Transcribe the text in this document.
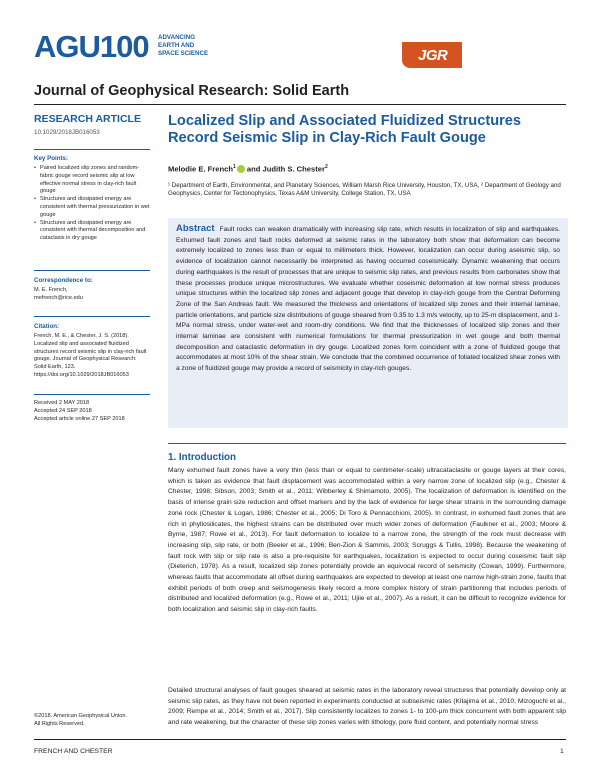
AGU100 ADVANCING
EARTH AND
SPACE SCIENCE	JGR
Journal of Geophysical Research: Solid Earth
RESEARCH ARTICLE
10.1029/2018JB016053
Key Points:
• Paired localized slip zones and random-fabric gouge record seismic slip at low effective normal stress in clay-rich fault gouge
• Structures and dissipated energy are consistent with thermal pressurization in wet gouge
• Structures and dissipated energy are consistent with thermal decomposition and cataclasis in dry gouge
Correspondence to:
M. E. French,
mefrench@rice.edu
Citation:
French, M. E., & Chester, J. S. (2018). Localized slip and associated fluidized structures record seismic slip in clay-rich fault gouge. Journal of Geophysical Research: Solid Earth, 123. https://doi.org/10.1029/2018JB016053
Received 2 MAY 2018
Accepted 24 SEP 2018
Accepted article online 27 SEP 2018
Localized Slip and Associated Fluidized Structures Record Seismic Slip in Clay-Rich Fault Gouge
Melodie E. French$^1$ and Judith S. Chester$^2$
¹ Department of Earth, Environmental, and Planetary Sciences, William Marsh Rice University, Houston, TX, USA, ² Department of Geology and Geophysics, Center for Tectonophysics, Texas A&M University, College Station, TX, USA

Abstract Fault rocks can weaken dramatically with increasing slip rate, which results in localization of slip and earthquakes. Exhumed fault zones and fault rocks deformed at seismic rates in the laboratory both show that deformation can become extremely localized to zones less than or equal to millimeters thick. However, localization can occur during aseismic slip, so evidence of localization cannot necessarily be interpreted as having occurred coseismically. Dynamic weakening that occurs during earthquakes is the result of processes that are unique to seismic slip rates, and previous results from carbonates show that these processes produce unique microstructures. We evaluate whether coseismic deformation at low normal stress produces unique structures within the localized slip zones and adjacent gouge that develop in clay-rich gouge from the Central Deforming Zone of the San Andreas fault. We measured the thickness and orientations of localized slip zones and their internal laminae, particle orientations, and particle size distributions of gouge sheared from 0.35 to 1.3 m/s velocity, up to 25-m displacement, and 1-MPa normal stress, under water-wet and room-dry conditions. We find that the thicknesses of localized slip zones and their internal laminae are consistent with numerical formulations for thermal pressurization in wet gouge and both thermal decomposition and cataclastic deformation in dry gouge. Localized zones form coincident with a zone of fluidized gouge that accommodates at most 10% of the shear strain. We conclude that the combined occurrence of foliated localized shear zones with a zone of fluidized gouge may provide a record of seismicity in clay-rich gouges.

1. Introduction

Many exhumed fault zones have a very thin (less than or equal to centimeter-scale) ultracataclasite or gouge layers at their cores, which is taken as evidence that fault displacement was accommodated within a very narrow zone of localized slip (e.g., Chester & Chester, 1998; Sibson, 2003; Smith et al., 2011; Wibberley & Shimamoto, 2005). The localization of deformation is identified on the basis of intense grain size reduction and offset markers and by the lack of evidence for large shear strains in the surrounding damage zone rock (Chester & Logan, 1986; Chester et al., 2005; Di Toro & Pennacchioni, 2005). In contrast, in exhumed fault zones that are rich in phyllosilicates, the highest strains can be distributed over much wider zones of deformation (Faulkner et al., 2003; Moore & Byrne, 1987; Rowe et al., 2013). For fault deformation to localize to a narrow zone, the strength of the rock must decrease with increasing slip, slip rate, or both (Beeler et al., 1996; Ben-Zion & Sammis, 2003; Scruggs & Tullis, 1998). Because the weakening of fault rock with slip or slip rate is also a pre-requisite for earthquakes, localization is expected to occur during coseismic fault slip (Dieterich, 1978). As a result, localized slip zones potentially provide an equivocal record of seismicity (Cowan, 1999). Furthermore, whereas faults that accommodate all offset during earthquakes are expected to develop at least one narrow high-strain zone, faults that exhibit periods of both creep and seismogenesis likely record a more complex history of strain partitioning that includes periods of distributed and localized deformation (e.g., Rowe et al., 2011; Ujiie et al., 2007). As a result, it can be difficult to recognize evidence for both localization and seismic slip in clay-rich faults.

Detailed structural analyses of fault gouges sheared at seismic rates in the laboratory reveal structures that potentially develop only at seismic slip rates, as they have not been reported in experiments conducted at subseismic rates (Kitajima et al., 2010; Mizoguchi et al., 2009; Rempe et al., 2014; Smith et al., 2017). Slip consistently localizes to zones 1- to 100-μm thick concurrent with both apparent slip and rate weakening, but the character of these slip zones varies with lithology, pore fluid content, and potentially normal stress

©2018. American Geophysical Union.
All Rights Reserved.
FRENCH AND CHESTER	1
